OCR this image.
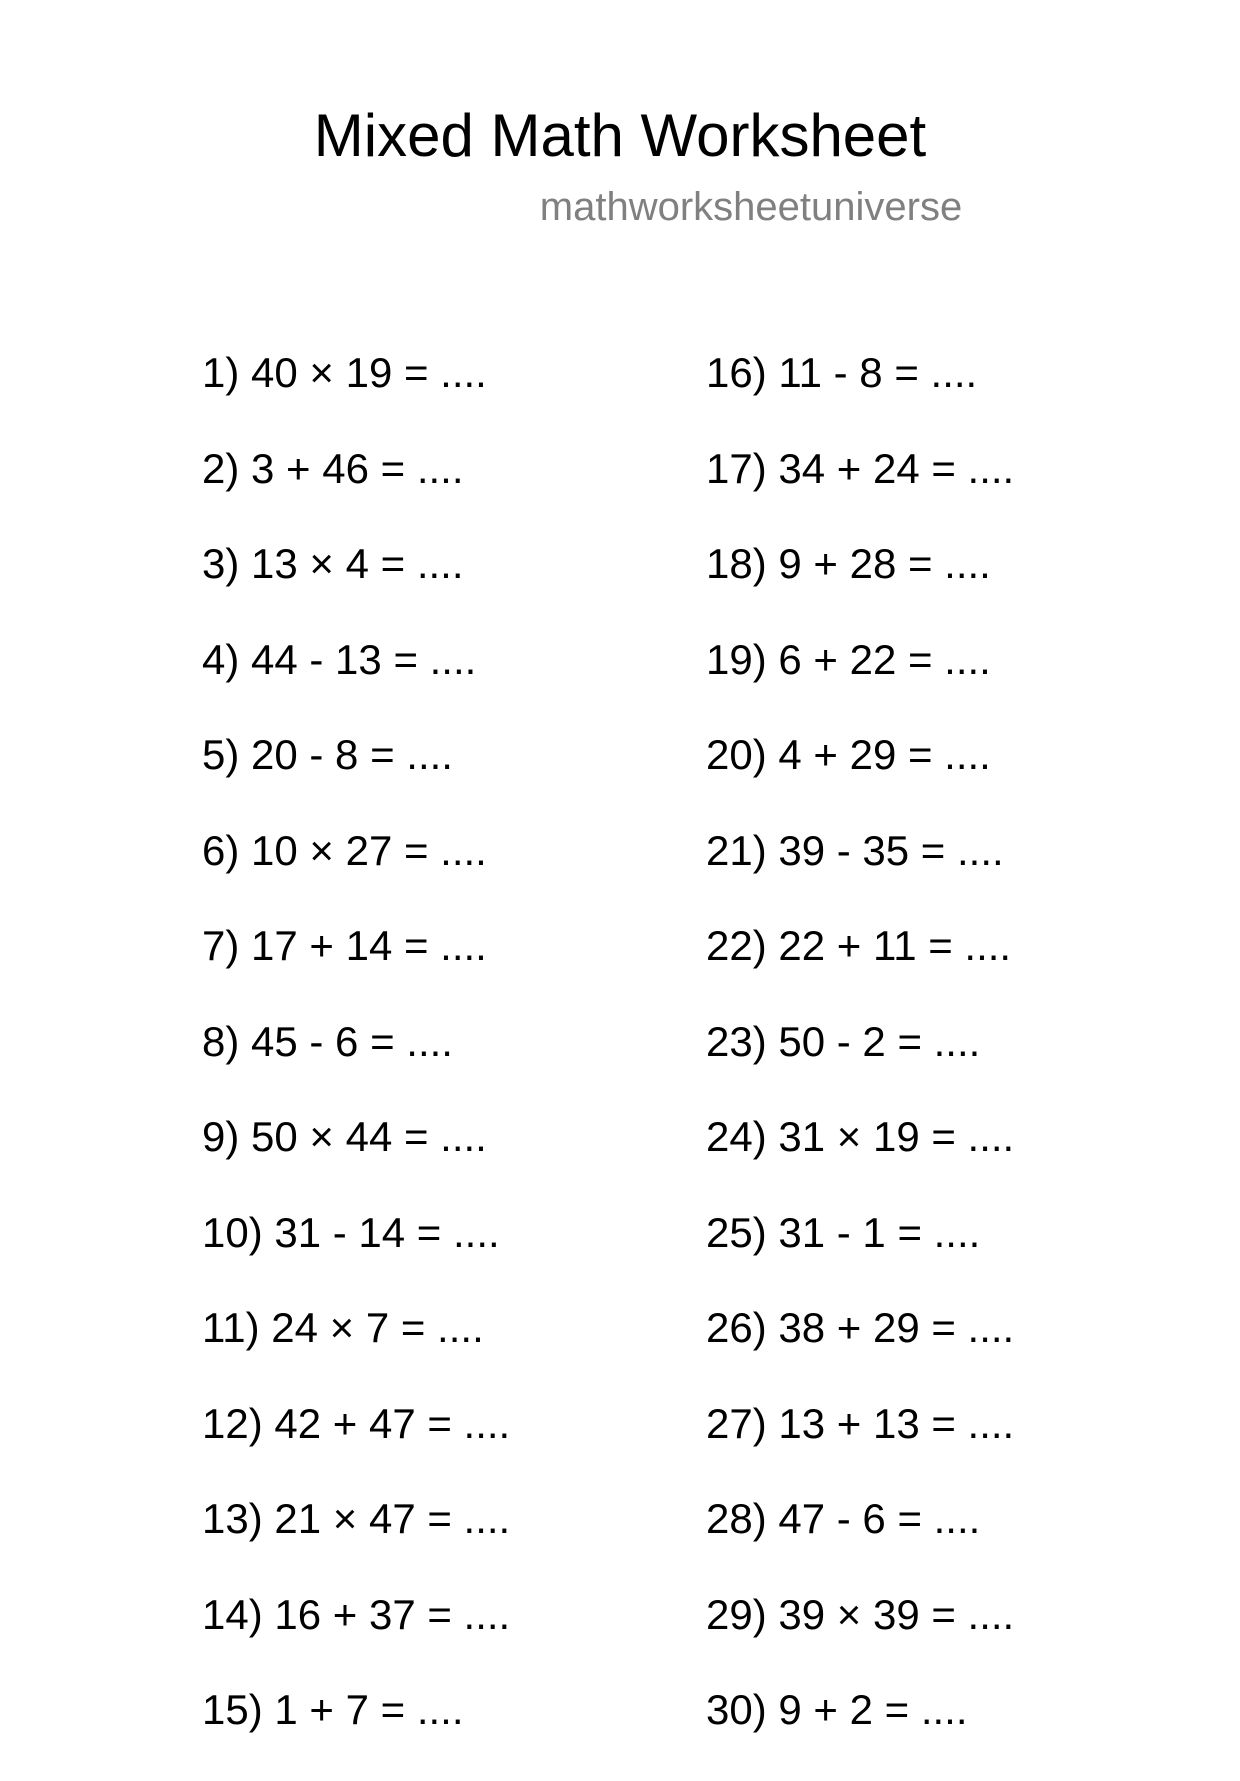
Mixed Math Worksheet
mathworksheetuniverse
1) 40 × 19 = ....
2) 3 + 46 = ....
3) 13 × 4 = ....
4) 44 - 13 = ....
5) 20 - 8 = ....
6) 10 × 27 = ....
7) 17 + 14 = ....
8) 45 - 6 = ....
9) 50 × 44 = ....
10) 31 - 14 = ....
11) 24 × 7 = ....
12) 42 + 47 = ....
13) 21 × 47 = ....
14) 16 + 37 = ....
15) 1 + 7 = ....
16) 11 - 8 = ....
17) 34 + 24 = ....
18) 9 + 28 = ....
19) 6 + 22 = ....
20) 4 + 29 = ....
21) 39 - 35 = ....
22) 22 + 11 = ....
23) 50 - 2 = ....
24) 31 × 19 = ....
25) 31 - 1 = ....
26) 38 + 29 = ....
27) 13 + 13 = ....
28) 47 - 6 = ....
29) 39 × 39 = ....
30) 9 + 2 = ....
